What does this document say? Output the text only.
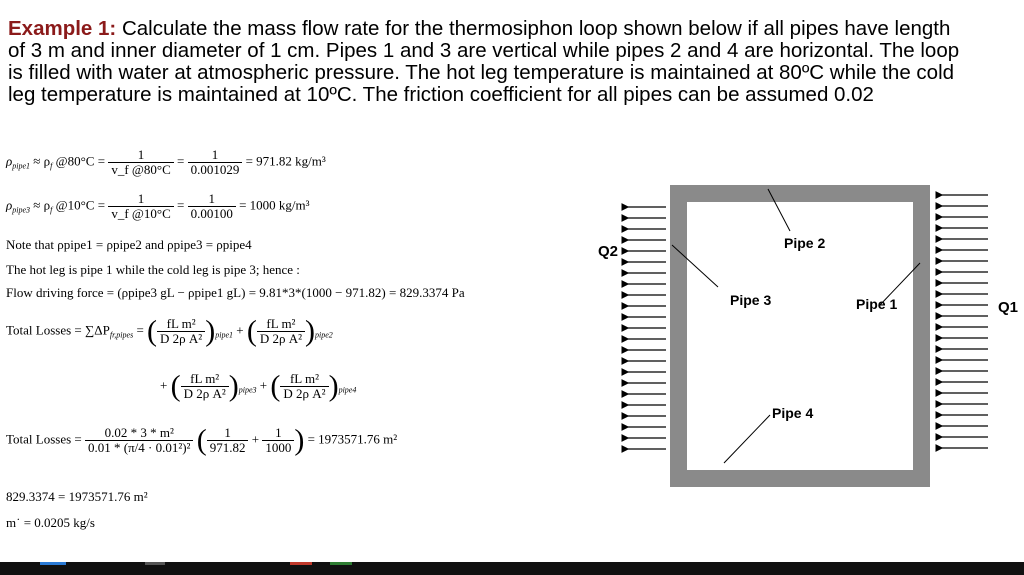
Example 1: Calculate the mass flow rate for the thermosiphon loop shown below if all pipes have length of 3 m and inner diameter of 1 cm. Pipes 1 and 3 are vertical while pipes 2 and 4 are horizontal. The loop is filled with water at atmospheric pressure. The hot leg temperature is maintained at 80ºC while the cold leg temperature is maintained at 10ºC. The friction coefficient for all pipes can be assumed 0.02
$\rho_{pipe1} \approx \rho_f$ @80°C = $\frac{1}{v\_f @80^\circ C} = \frac{1}{0.001029} = 971.82$ kg/m³
$\rho_{pipe3} \approx \rho_f$ @10°C = $\frac{1}{v\_f @10^\circ C} = \frac{1}{0.00100} = 1000$ kg/m³
Note that ρpipe1 = ρpipe2 and ρpipe3 = ρpipe4
The hot leg is pipe 1 while the cold leg is pipe 3; hence :
Flow driving force = (ρpipe3 gL − ρpipe1 gL) = 9.81*3*(1000 − 971.82) = 829.3374 Pa
Total Losses = $\sum\Delta P_{fr,pipes}$ = ( $\frac{\text{fL m²}}{\text{D 2ρ A²}} )_{pipe1}$ + ( $\frac{\text{fL m²}}{\text{D 2ρ A²}} )_{pipe2}$
+ ( $\frac{\text{fL m²}}{\text{D 2ρ A²}} )_{pipe3}$ + ( $\frac{\text{fL m²}}{\text{D 2ρ A²}} )_{pipe4}$
Total Losses = $\frac{\text{0.02 * 3 * m²}}{\text{0.01 * (π/4 · 0.01²)²}}$ ( $\frac{1}{971.82} + \frac{1}{1000}$ ) = 1973571.76 m²
829.3374 = 1973571.76 m²
m˙ = 0.0205 kg/s
Q2
Q1
Pipe 2
Pipe 3	Pipe 1
Pipe 4
